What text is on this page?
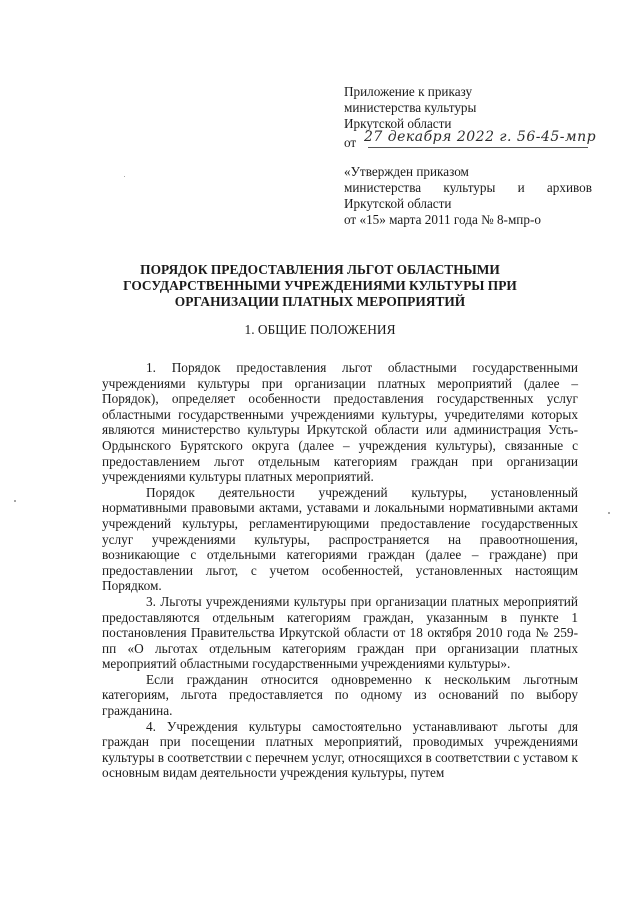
Приложение к приказу
министерства культуры
Иркутской области
от 27 декабря 2022 г. 56-45-мпр
«Утвержден приказом
министерства культуры и архивов
Иркутской области
от «15» марта 2011 года № 8-мпр-о
ПОРЯДОК ПРЕДОСТАВЛЕНИЯ ЛЬГОТ ОБЛАСТНЫМИ ГОСУДАРСТВЕННЫМИ УЧРЕЖДЕНИЯМИ КУЛЬТУРЫ ПРИ ОРГАНИЗАЦИИ ПЛАТНЫХ МЕРОПРИЯТИЙ
1. ОБЩИЕ ПОЛОЖЕНИЯ

1. Порядок предоставления льгот областными государственными учреждениями культуры при организации платных мероприятий (далее – Порядок), определяет особенности предоставления государственных услуг областными государственными учреждениями культуры, учредителями которых являются министерство культуры Иркутской области или администрация Усть-Ордынского Бурятского округа (далее – учреждения культуры), связанные с предоставлением льгот отдельным категориям граждан при организации учреждениями культуры платных мероприятий.

Порядок деятельности учреждений культуры, установленный нормативными правовыми актами, уставами и локальными нормативными актами учреждений культуры, регламентирующими предоставление государственных услуг учреждениями культуры, распространяется на правоотношения, возникающие с отдельными категориями граждан (далее – граждане) при предоставлении льгот, с учетом особенностей, установленных настоящим Порядком.

3. Льготы учреждениями культуры при организации платных мероприятий предоставляются отдельным категориям граждан, указанным в пункте 1 постановления Правительства Иркутской области от 18 октября 2010 года № 259-пп «О льготах отдельным категориям граждан при организации платных мероприятий областными государственными учреждениями культуры».

Если гражданин относится одновременно к нескольким льготным категориям, льгота предоставляется по одному из оснований по выбору гражданина.

4. Учреждения культуры самостоятельно устанавливают льготы для граждан при посещении платных мероприятий, проводимых учреждениями культуры в соответствии с перечнем услуг, относящихся в соответствии с уставом к основным видам деятельности учреждения культуры, путем
